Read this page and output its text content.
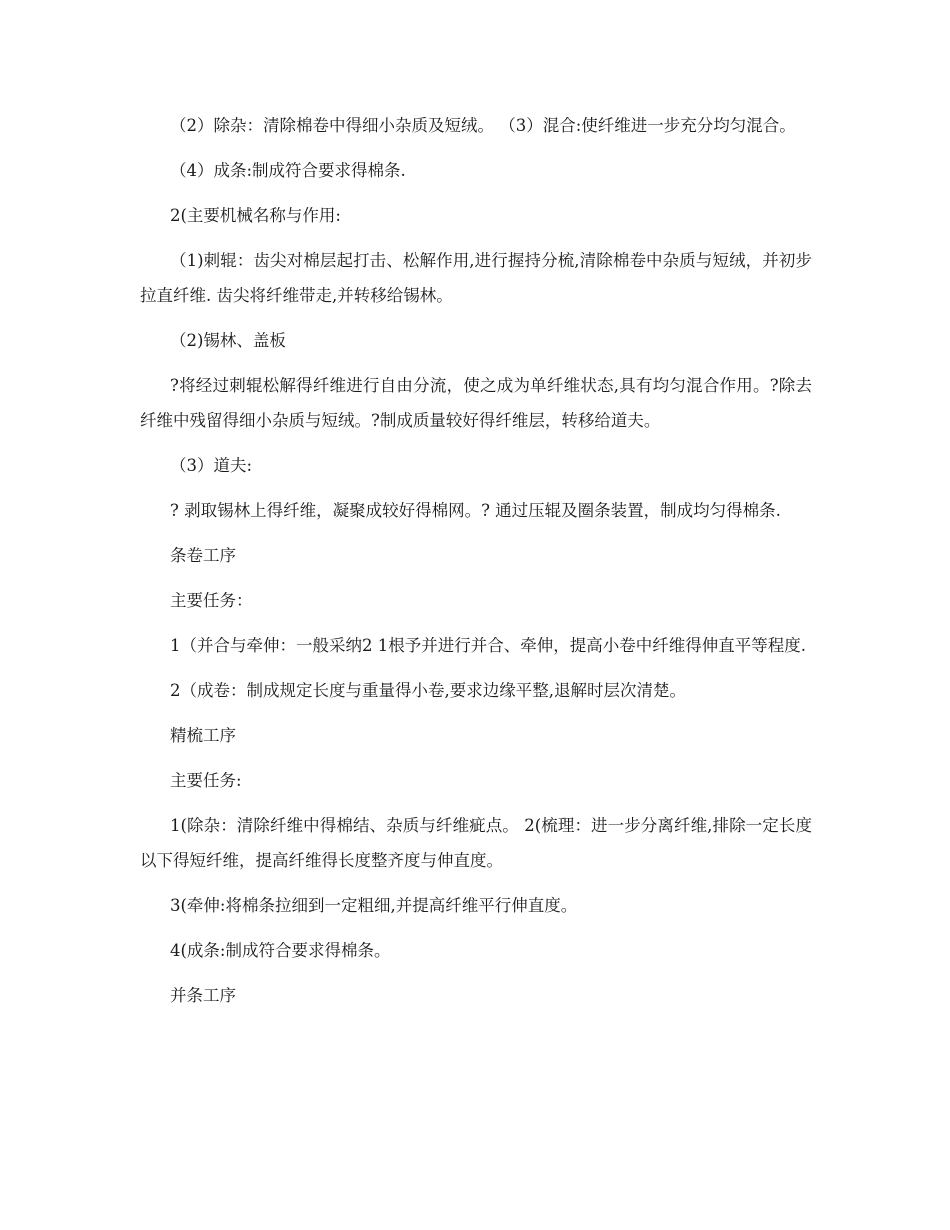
（2）除杂：清除棉卷中得细小杂质及短绒。 （3）混合:使纤维进一步充分均匀混合。

（4）成条:制成符合要求得棉条.

2(主要机械名称与作用:

（1)刺辊：齿尖对棉层起打击、松解作用,进行握持分梳,清除棉卷中杂质与短绒，并初步拉直纤维. 齿尖将纤维带走,并转移给锡林。

（2)锡林、盖板

?将经过刺辊松解得纤维进行自由分流，使之成为单纤维状态,具有均匀混合作用。?除去纤维中残留得细小杂质与短绒。?制成质量较好得纤维层，转移给道夫。

（3）道夫:

? 剥取锡林上得纤维，凝聚成较好得棉网。? 通过压辊及圈条装置，制成均匀得棉条.

条卷工序

主要任务：

1（并合与牵伸：一般采纳2 1根予并进行并合、牵伸，提高小卷中纤维得伸直平等程度.

2（成卷：制成规定长度与重量得小卷,要求边缘平整,退解时层次清楚。

精梳工序

主要任务:

1(除杂：清除纤维中得棉结、杂质与纤维疵点。 2(梳理：进一步分离纤维,排除一定长度以下得短纤维，提高纤维得长度整齐度与伸直度。

3(牵伸:将棉条拉细到一定粗细,并提高纤维平行伸直度。

4(成条:制成符合要求得棉条。

并条工序
